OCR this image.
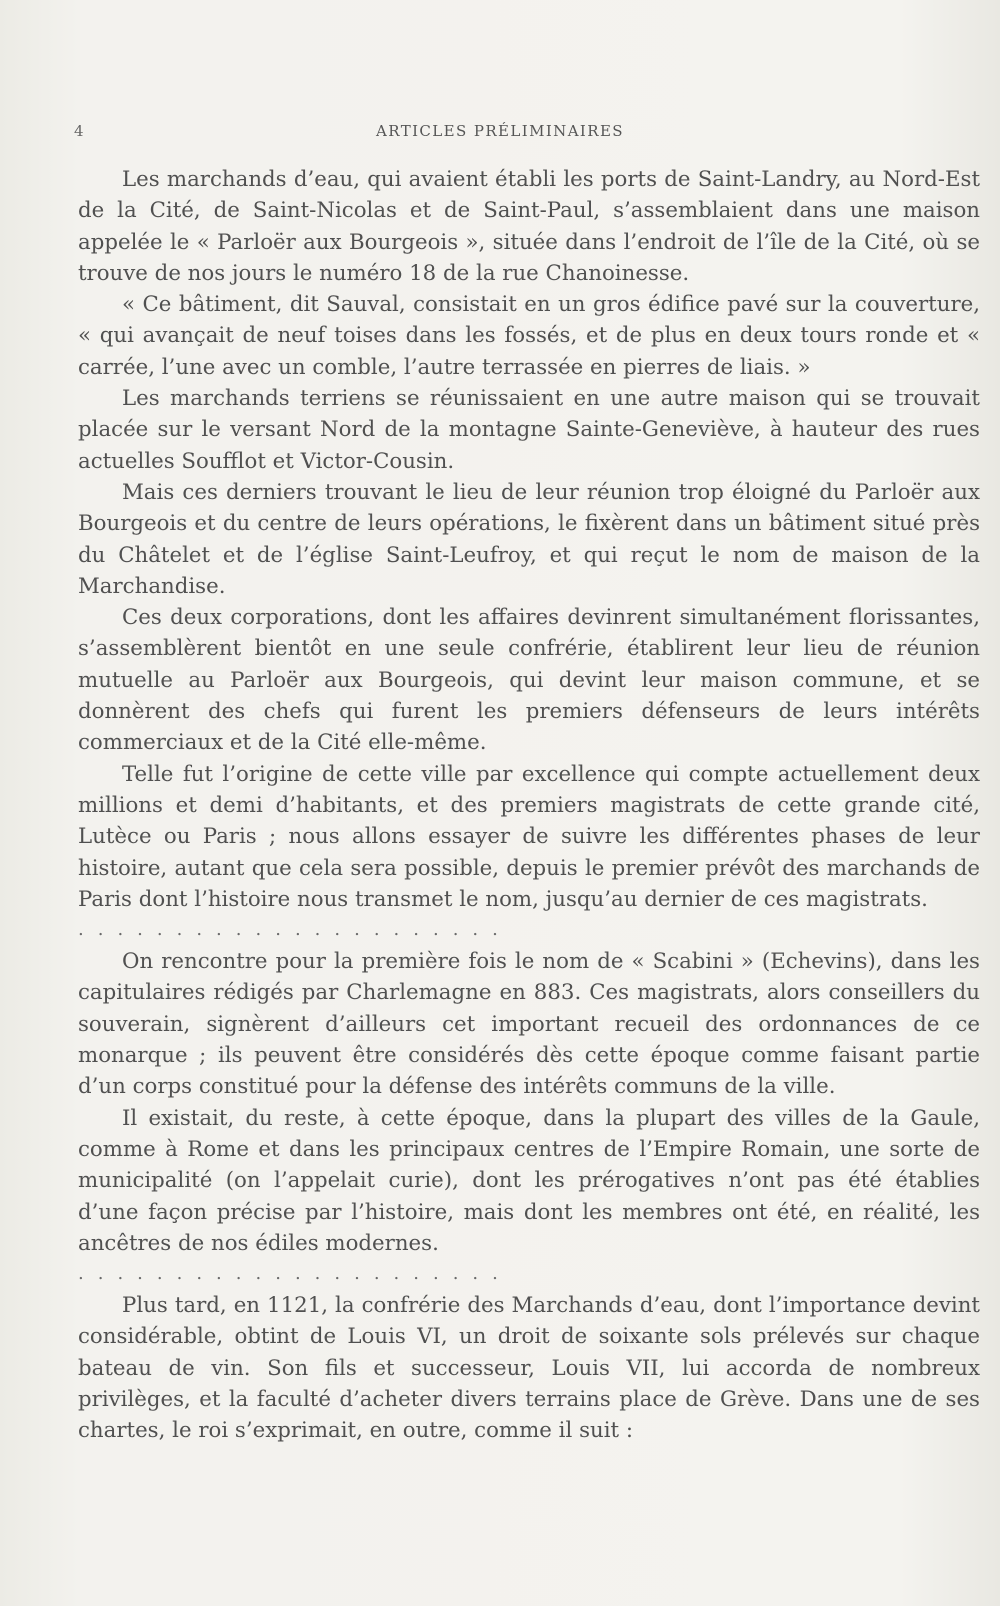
4	ARTICLES PRÉLIMINAIRES

Les marchands d’eau, qui avaient établi les ports de Saint-Landry, au Nord-Est de la Cité, de Saint-Nicolas et de Saint-Paul, s’assemblaient dans une maison appelée le « Parloër aux Bourgeois », située dans l’endroit de l’île de la Cité, où se trouve de nos jours le numéro 18 de la rue Chanoinesse.

« Ce bâtiment, dit Sauval, consistait en un gros édifice pavé sur la couverture, « qui avançait de neuf toises dans les fossés, et de plus en deux tours ronde et « carrée, l’une avec un comble, l’autre terrassée en pierres de liais. »

Les marchands terriens se réunissaient en une autre maison qui se trouvait placée sur le versant Nord de la montagne Sainte-Geneviève, à hauteur des rues actuelles Soufflot et Victor-Cousin.

Mais ces derniers trouvant le lieu de leur réunion trop éloigné du Parloër aux Bourgeois et du centre de leurs opérations, le fixèrent dans un bâtiment situé près du Châtelet et de l’église Saint-Leufroy, et qui reçut le nom de maison de la Marchandise.

Ces deux corporations, dont les affaires devinrent simultanément florissantes, s’assemblèrent bientôt en une seule confrérie, établirent leur lieu de réunion mutuelle au Parloër aux Bourgeois, qui devint leur maison commune, et se donnèrent des chefs qui furent les premiers défenseurs de leurs intérêts commerciaux et de la Cité elle-même.

Telle fut l’origine de cette ville par excellence qui compte actuellement deux millions et demi d’habitants, et des premiers magistrats de cette grande cité, Lutèce ou Paris ; nous allons essayer de suivre les différentes phases de leur histoire, autant que cela sera possible, depuis le premier prévôt des marchands de Paris dont l’histoire nous transmet le nom, jusqu’au dernier de ces magistrats.

......................

On rencontre pour la première fois le nom de « Scabini » (Echevins), dans les capitulaires rédigés par Charlemagne en 883. Ces magistrats, alors conseillers du souverain, signèrent d’ailleurs cet important recueil des ordonnances de ce monarque ; ils peuvent être considérés dès cette époque comme faisant partie d’un corps constitué pour la défense des intérêts communs de la ville.

Il existait, du reste, à cette époque, dans la plupart des villes de la Gaule, comme à Rome et dans les principaux centres de l’Empire Romain, une sorte de municipalité (on l’appelait curie), dont les prérogatives n’ont pas été établies d’une façon précise par l’histoire, mais dont les membres ont été, en réalité, les ancêtres de nos édiles modernes.

......................

Plus tard, en 1121, la confrérie des Marchands d’eau, dont l’importance devint considérable, obtint de Louis VI, un droit de soixante sols prélevés sur chaque bateau de vin. Son fils et successeur, Louis VII, lui accorda de nombreux privilèges, et la faculté d’acheter divers terrains place de Grève. Dans une de ses chartes, le roi s’exprimait, en outre, comme il suit :
